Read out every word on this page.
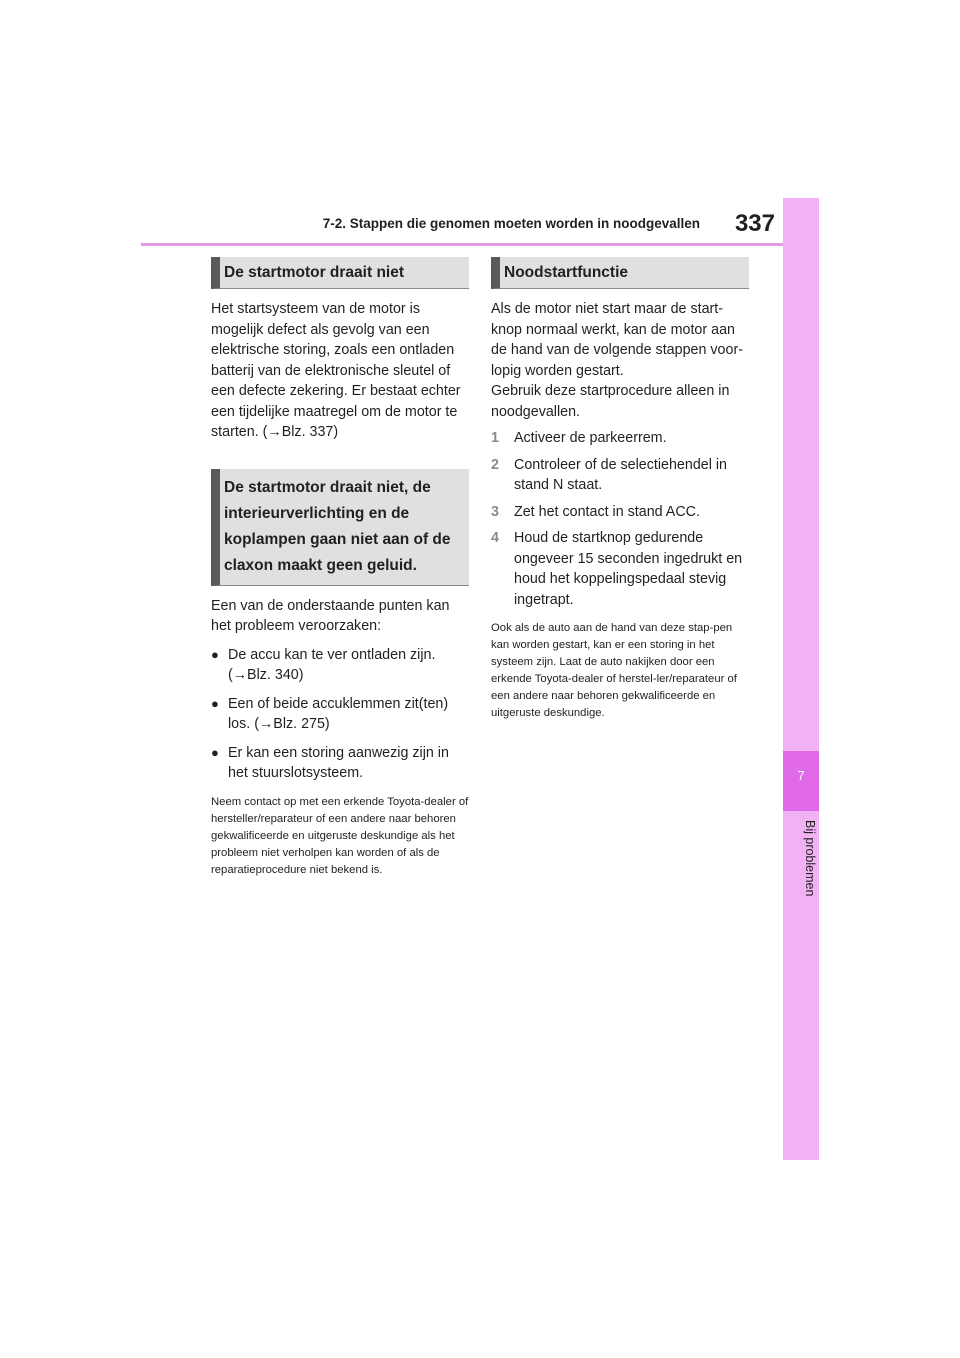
7-2. Stappen die genomen moeten worden in noodgevallen	337
7
Bij problemen
De startmotor draait niet

Het startsysteem van de motor is mogelijk defect als gevolg van een elektrische storing, zoals een ontladen batterij van de elektronische sleutel of een defecte zekering. Er bestaat echter een tijdelijke maatregel om de motor te starten. (→Blz. 337)

De startmotor draait niet, de interieurverlichting en de koplampen gaan niet aan of de claxon maakt geen geluid.

Een van de onderstaande punten kan het probleem veroorzaken:

● De accu kan te ver ontladen zijn. (→Blz. 340)
● Een of beide accuklemmen zit(ten) los. (→Blz. 275)
● Er kan een storing aanwezig zijn in het stuurslotsysteem.

Neem contact op met een erkende Toyota-dealer of hersteller/reparateur of een andere naar behoren gekwalificeerde en uitgeruste deskundige als het probleem niet verholpen kan worden of als de reparatieprocedure niet bekend is.

Noodstartfunctie

Als de motor niet start maar de start-knop normaal werkt, kan de motor aan de hand van de volgende stappen voor-lopig worden gestart.

Gebruik deze startprocedure alleen in noodgevallen.

1 Activeer de parkeerrem.
2 Controleer of de selectiehendel in stand N staat.
3 Zet het contact in stand ACC.
4 Houd de startknop gedurende ongeveer 15 seconden ingedrukt en houd het koppelingspedaal stevig ingetrapt.

Ook als de auto aan de hand van deze stap-pen kan worden gestart, kan er een storing in het systeem zijn. Laat de auto nakijken door een erkende Toyota-dealer of herstel-ler/reparateur of een andere naar behoren gekwalificeerde en uitgeruste deskundige.
